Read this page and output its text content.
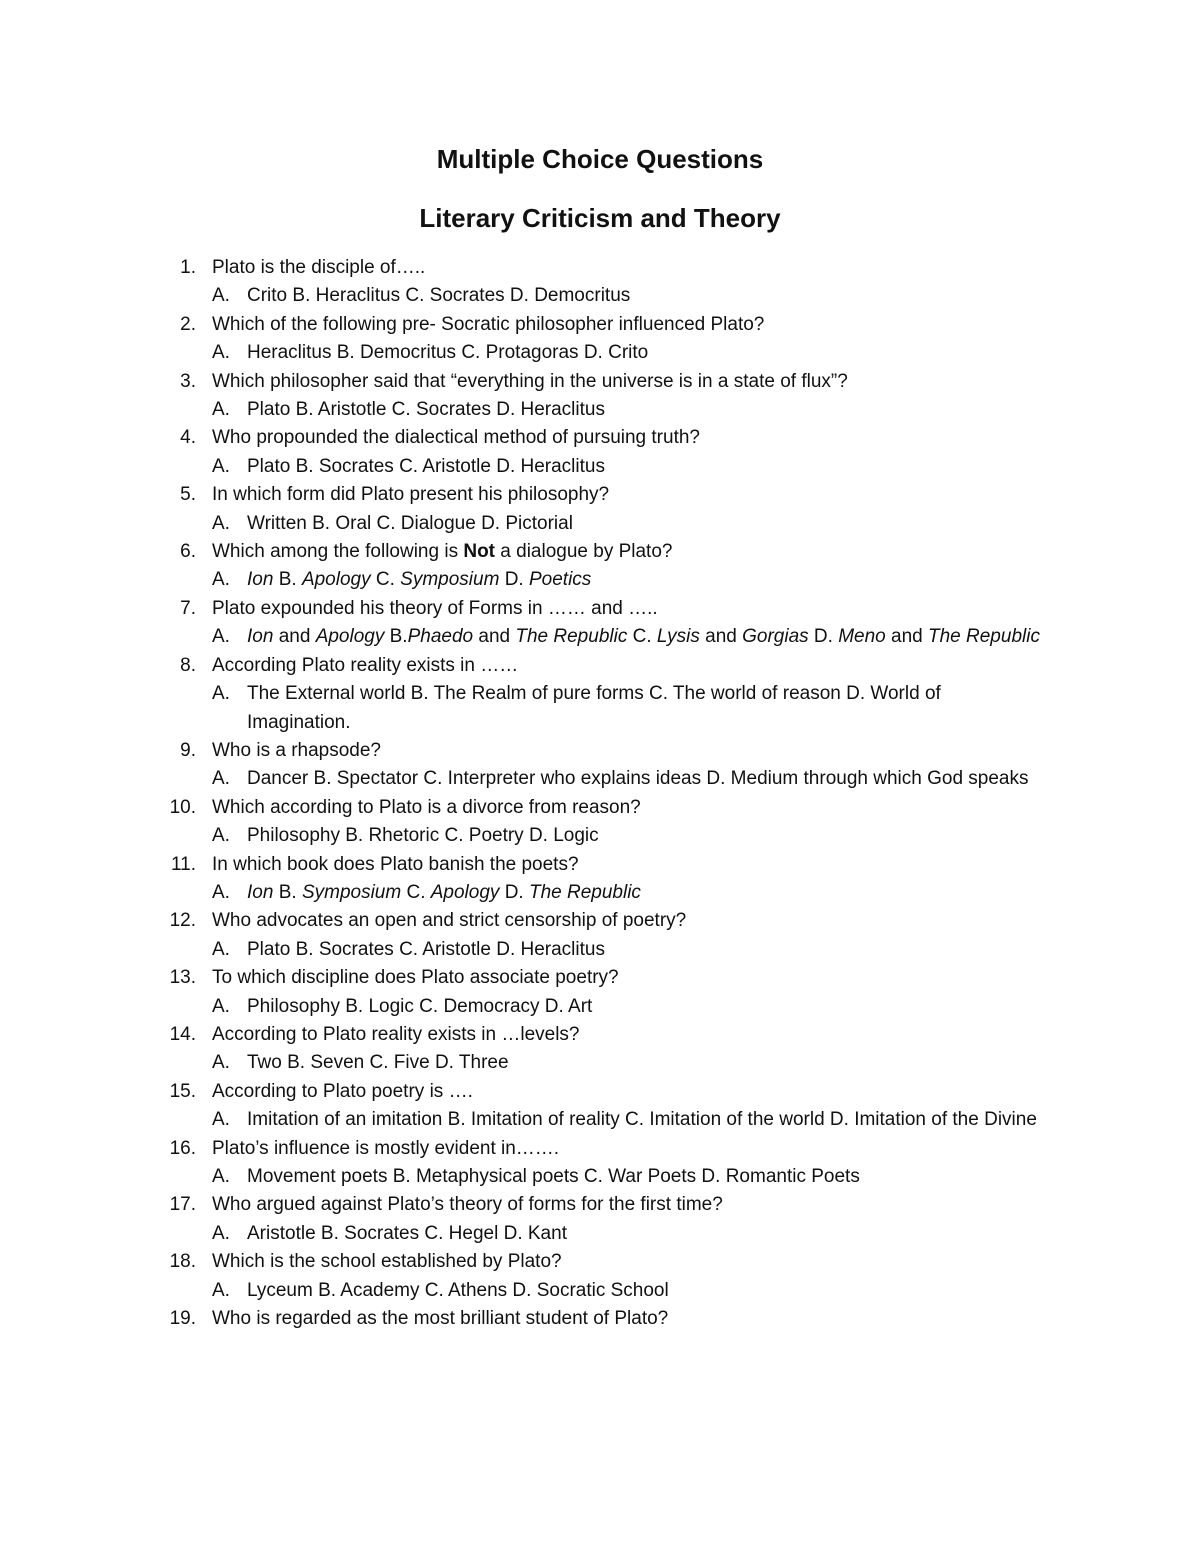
Multiple Choice Questions
Literary Criticism and Theory
1. Plato is the disciple of…..
A. Crito B. Heraclitus C. Socrates D. Democritus
2. Which of the following pre- Socratic philosopher influenced Plato?
A. Heraclitus B. Democritus C. Protagoras D. Crito
3. Which philosopher said that “everything in the universe is in a state of flux”?
A. Plato B. Aristotle C. Socrates D. Heraclitus
4. Who propounded the dialectical method of pursuing truth?
A. Plato B. Socrates C. Aristotle D. Heraclitus
5. In which form did Plato present his philosophy?
A. Written B. Oral C. Dialogue D. Pictorial
6. Which among the following is Not a dialogue by Plato?
A. Ion B. Apology C. Symposium D. Poetics
7. Plato expounded his theory of Forms in …… and …..
A. Ion and Apology B.Phaedo and The Republic C. Lysis and Gorgias D. Meno and The Republic
8. According Plato reality exists in ……
A. The External world B. The Realm of pure forms C. The world of reason D. World of Imagination.
9. Who is a rhapsode?
A. Dancer B. Spectator C. Interpreter who explains ideas D. Medium through which God speaks
10. Which according to Plato is a divorce from reason?
A. Philosophy B. Rhetoric C. Poetry D. Logic
11. In which book does Plato banish the poets?
A. Ion B. Symposium C. Apology D. The Republic
12. Who advocates an open and strict censorship of poetry?
A. Plato B. Socrates C. Aristotle D. Heraclitus
13. To which discipline does Plato associate poetry?
A. Philosophy B. Logic C. Democracy D. Art
14. According to Plato reality exists in …levels?
A. Two B. Seven C. Five D. Three
15. According to Plato poetry is ….
A. Imitation of an imitation B. Imitation of reality C. Imitation of the world D. Imitation of the Divine
16. Plato’s influence is mostly evident in…….
A. Movement poets B. Metaphysical poets C. War Poets D. Romantic Poets
17. Who argued against Plato’s theory of forms for the first time?
A. Aristotle B. Socrates C. Hegel D. Kant
18. Which is the school established by Plato?
A. Lyceum B. Academy C. Athens D. Socratic School
19. Who is regarded as the most brilliant student of Plato?
